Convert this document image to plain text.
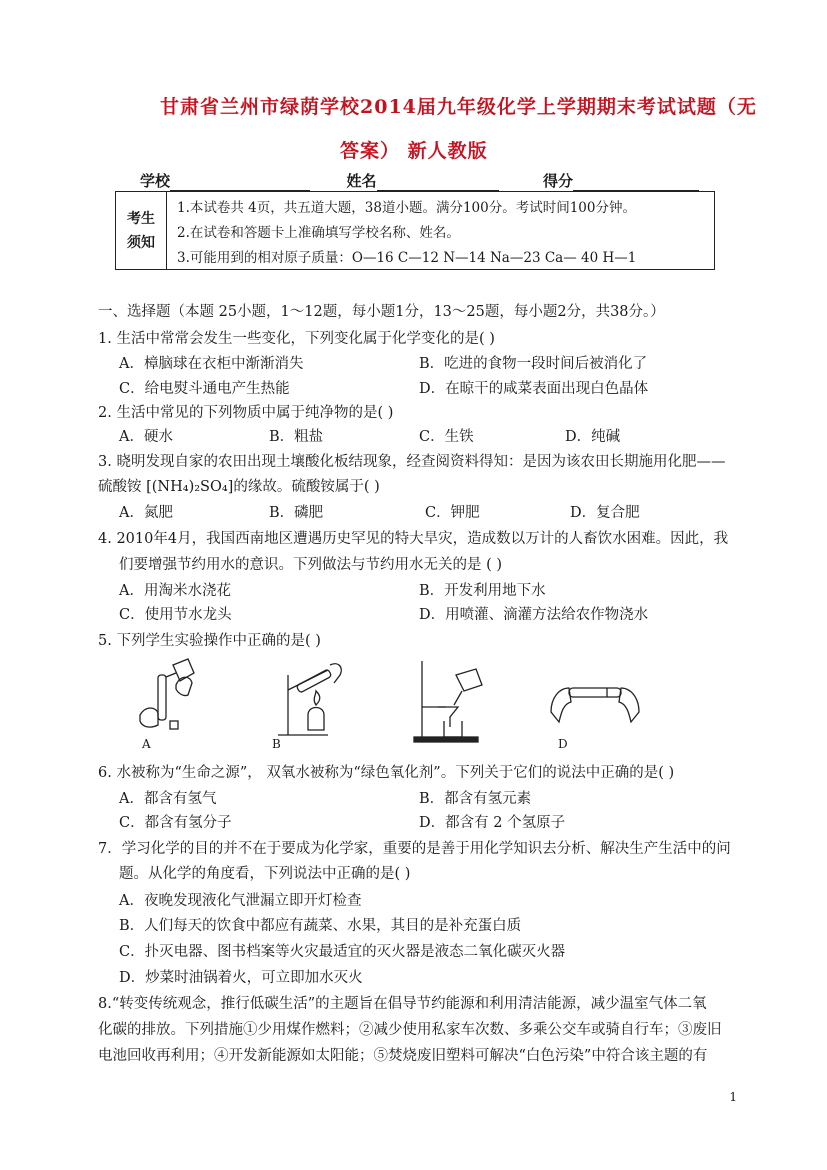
甘肃省兰州市绿荫学校2014届九年级化学上学期期末考试试题（无
答案） 新人教版
学校	姓名	得分
考生
须知
1.本试卷共 4页，共五道大题，38道小题。满分100分。考试时间100分钟。
2.在试卷和答题卡上准确填写学校名称、姓名。
3.可能用到的相对原子质量：O—16 C—12 N—14 Na—23 Ca— 40 H—1
一、选择题（本题 25小题，1～12题，每小题1分，13～25题，每小题2分，共38分。）
1. 生活中常常会发生一些变化，下列变化属于化学变化的是( )
A．樟脑球在衣柜中渐渐消失	B．吃进的食物一段时间后被消化了
C．给电熨斗通电产生热能	D．在晾干的咸菜表面出现白色晶体
2. 生活中常见的下列物质中属于纯净物的是( )
A．硬水	B．粗盐	C．生铁	D．纯碱
3. 晓明发现自家的农田出现土壤酸化板结现象，经查阅资料得知：是因为该农田长期施用化肥——
硫酸铵 [(NH₄)₂SO₄]的缘故。硫酸铵属于( )
A．氮肥	B．磷肥	C．钾肥	D．复合肥
4. 2010年4月，我国西南地区遭遇历史罕见的特大旱灾，造成数以万计的人畜饮水困难。因此，我
们要增强节约用水的意识。下列做法与节约用水无关的是 ( )
A．用淘米水浇花	B．开发利用地下水
C．使用节水龙头	D．用喷灌、滴灌方法给农作物浇水
5. 下列学生实验操作中正确的是( )
A	B	D
6. 水被称为“生命之源”， 双氧水被称为“绿色氧化剂”。下列关于它们的说法中正确的是( )
A．都含有氢气	B．都含有氢元素
C．都含有氢分子	D．都含有 2 个氢原子
7．学习化学的目的并不在于要成为化学家，重要的是善于用化学知识去分析、解决生产生活中的问
题。从化学的角度看，下列说法中正确的是( )
A．夜晚发现液化气泄漏立即开灯检查
B．人们每天的饮食中都应有蔬菜、水果，其目的是补充蛋白质
C．扑灭电器、图书档案等火灾最适宜的灭火器是液态二氧化碳灭火器
D．炒菜时油锅着火，可立即加水灭火
8.“转变传统观念，推行低碳生活”的主题旨在倡导节约能源和利用清洁能源，减少温室气体二氧
化碳的排放。下列措施①少用煤作燃料；②减少使用私家车次数、多乘公交车或骑自行车；③废旧
电池回收再利用；④开发新能源如太阳能；⑤焚烧废旧塑料可解决“白色污染”中符合该主题的有
1
